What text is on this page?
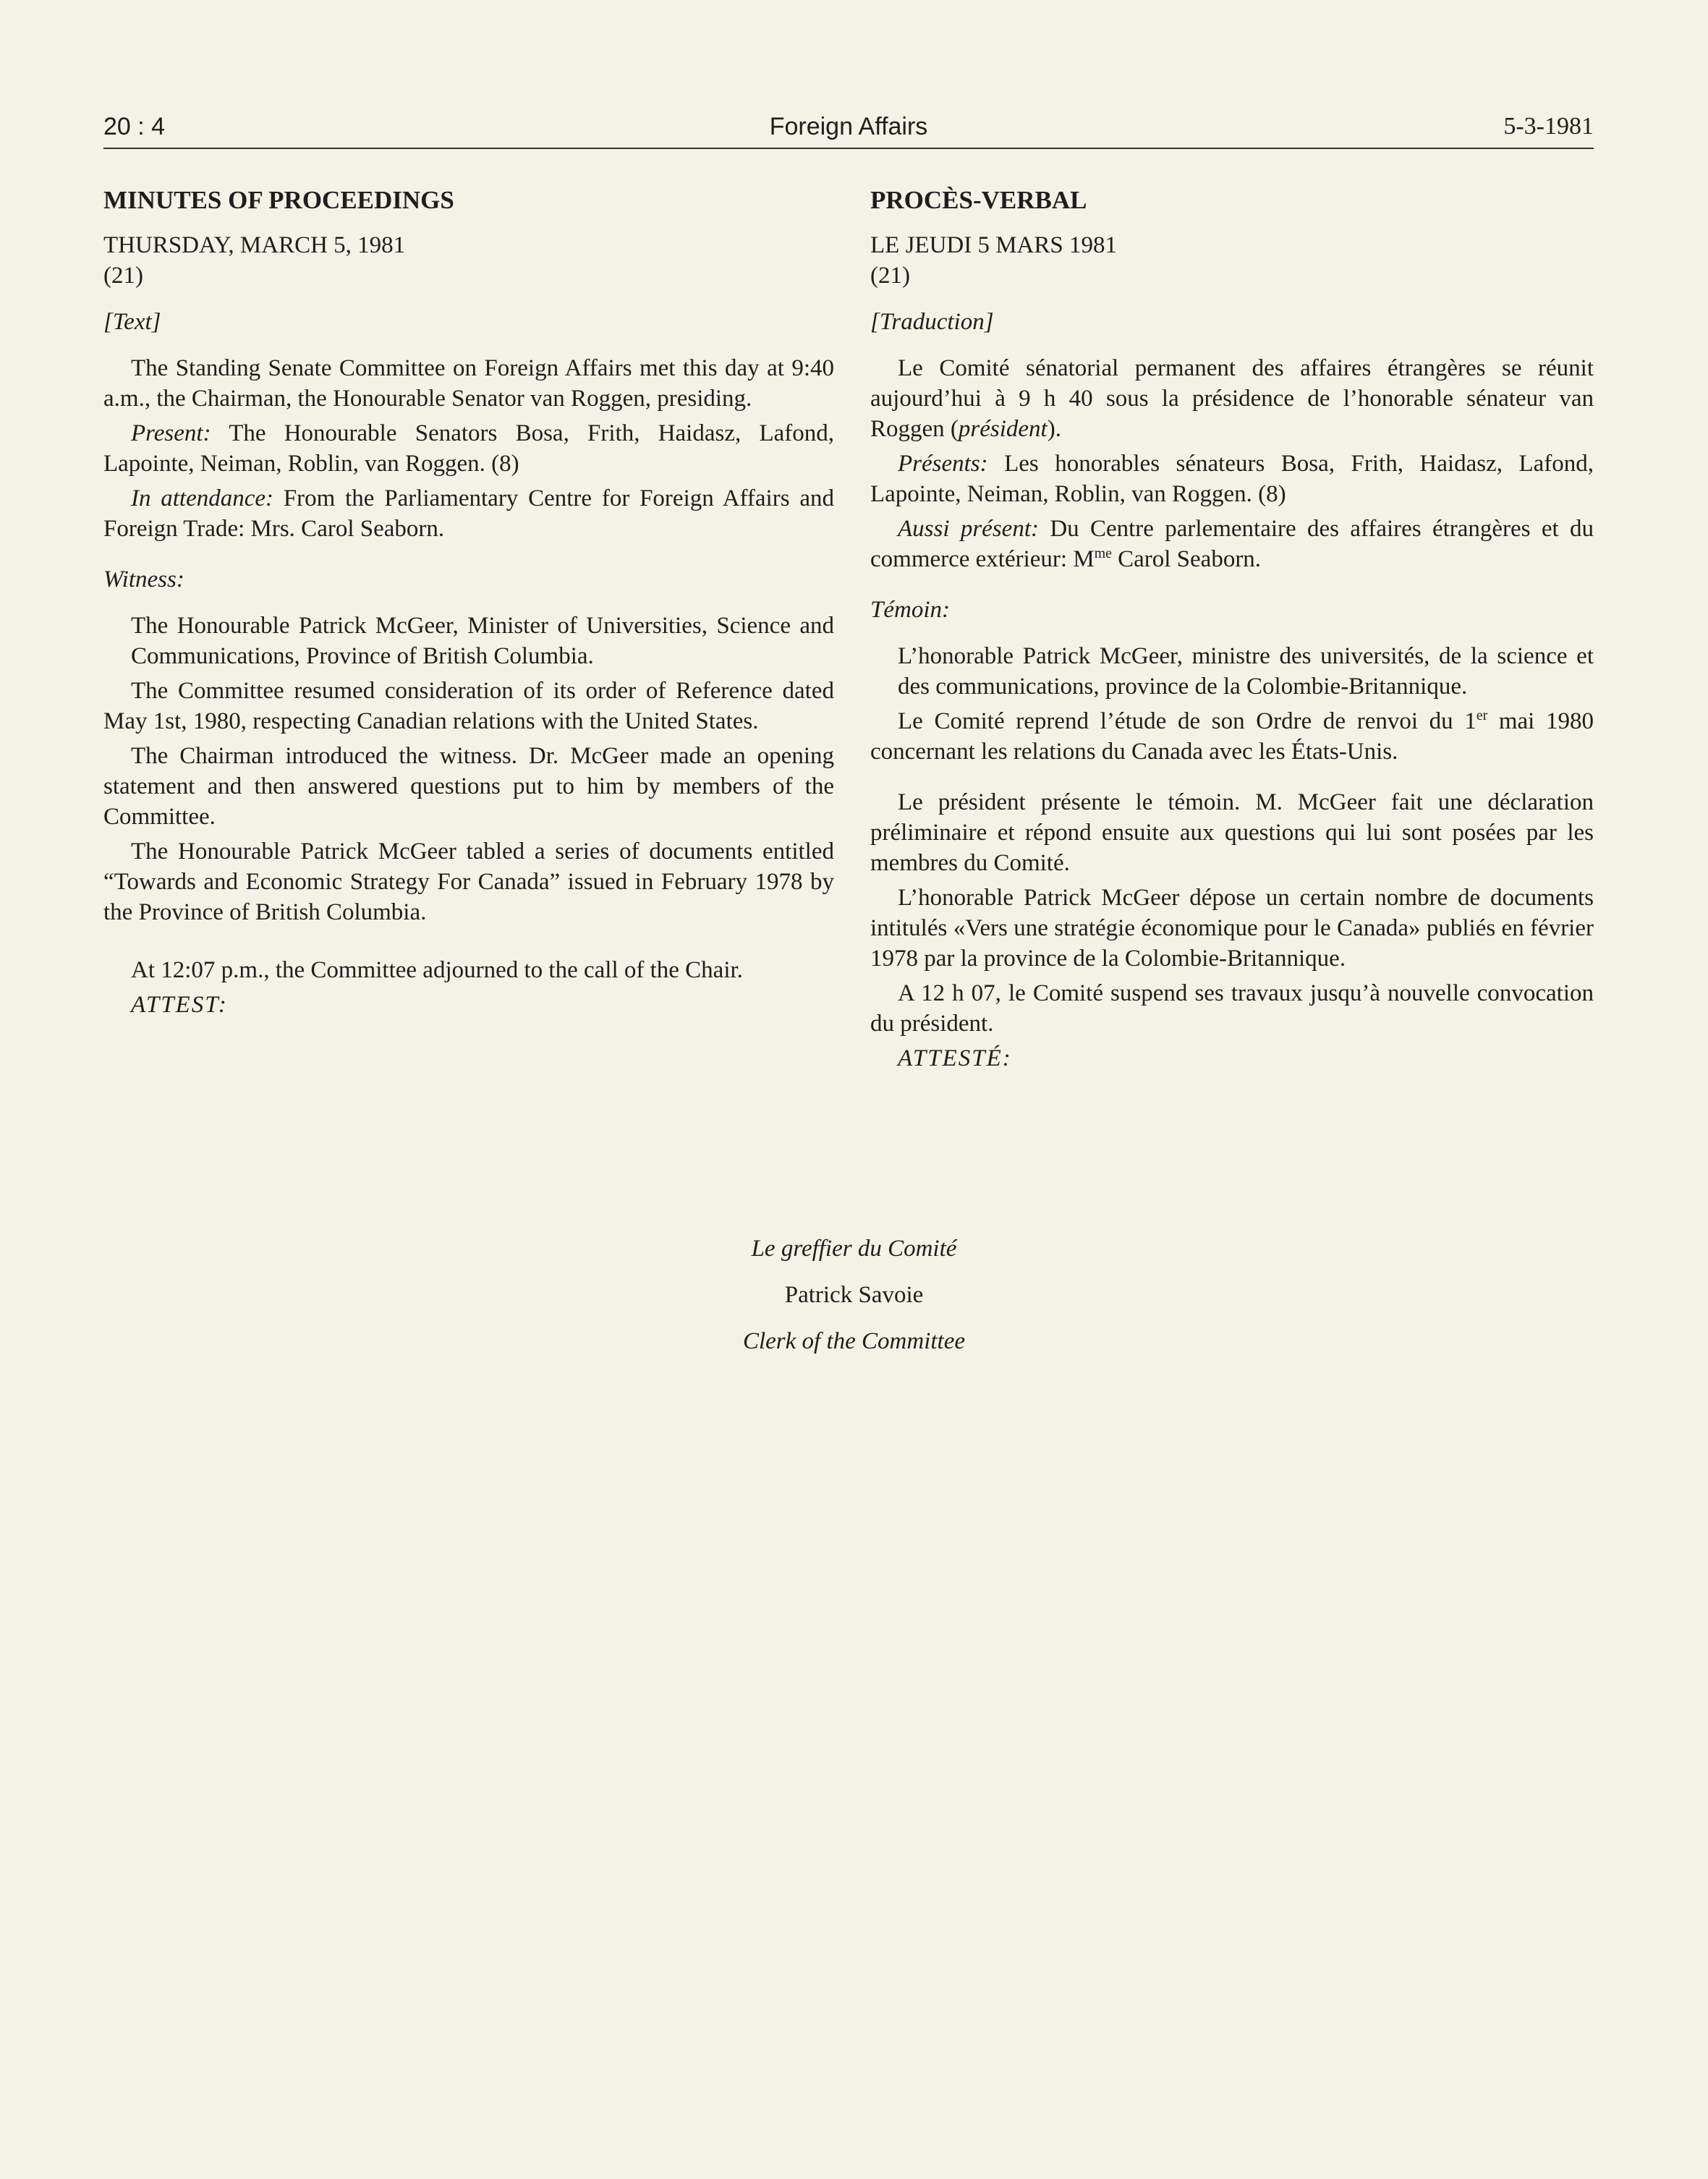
20 : 4	Foreign Affairs	5-3-1981

MINUTES OF PROCEEDINGS

THURSDAY, MARCH 5, 1981

(21)

[Text]

The Standing Senate Committee on Foreign Affairs met this day at 9:40 a.m., the Chairman, the Honourable Senator van Roggen, presiding.

Present: The Honourable Senators Bosa, Frith, Haidasz, Lafond, Lapointe, Neiman, Roblin, van Roggen. (8)

In attendance: From the Parliamentary Centre for Foreign Affairs and Foreign Trade: Mrs. Carol Seaborn.

Witness:

The Honourable Patrick McGeer, Minister of Universities, Science and Communications, Province of British Columbia.

The Committee resumed consideration of its order of Reference dated May 1st, 1980, respecting Canadian relations with the United States.

The Chairman introduced the witness. Dr. McGeer made an opening statement and then answered questions put to him by members of the Committee.

The Honourable Patrick McGeer tabled a series of documents entitled “Towards and Economic Strategy For Canada” issued in February 1978 by the Province of British Columbia.

At 12:07 p.m., the Committee adjourned to the call of the Chair.

ATTEST:

PROCÈS-VERBAL

LE JEUDI 5 MARS 1981

(21)

[Traduction]

Le Comité sénatorial permanent des affaires étrangères se réunit aujourd’hui à 9 h 40 sous la présidence de l’honorable sénateur van Roggen (président).

Présents: Les honorables sénateurs Bosa, Frith, Haidasz, Lafond, Lapointe, Neiman, Roblin, van Roggen. (8)

Aussi présent: Du Centre parlementaire des affaires étrangères et du commerce extérieur: $M^{me}$ Carol Seaborn.

Témoin:

L’honorable Patrick McGeer, ministre des universités, de la science et des communications, province de la Colombie-Britannique.

Le Comité reprend l’étude de son Ordre de renvoi du 1er mai 1980 concernant les relations du Canada avec les États-Unis.

Le président présente le témoin. M. McGeer fait une déclaration préliminaire et répond ensuite aux questions qui lui sont posées par les membres du Comité.

L’honorable Patrick McGeer dépose un certain nombre de documents intitulés «Vers une stratégie économique pour le Canada» publiés en février 1978 par la province de la Colombie-Britannique.

A 12 h 07, le Comité suspend ses travaux jusqu’à nouvelle convocation du président.

ATTESTÉ:

Le greffier du Comité

Patrick Savoie

Clerk of the Committee
